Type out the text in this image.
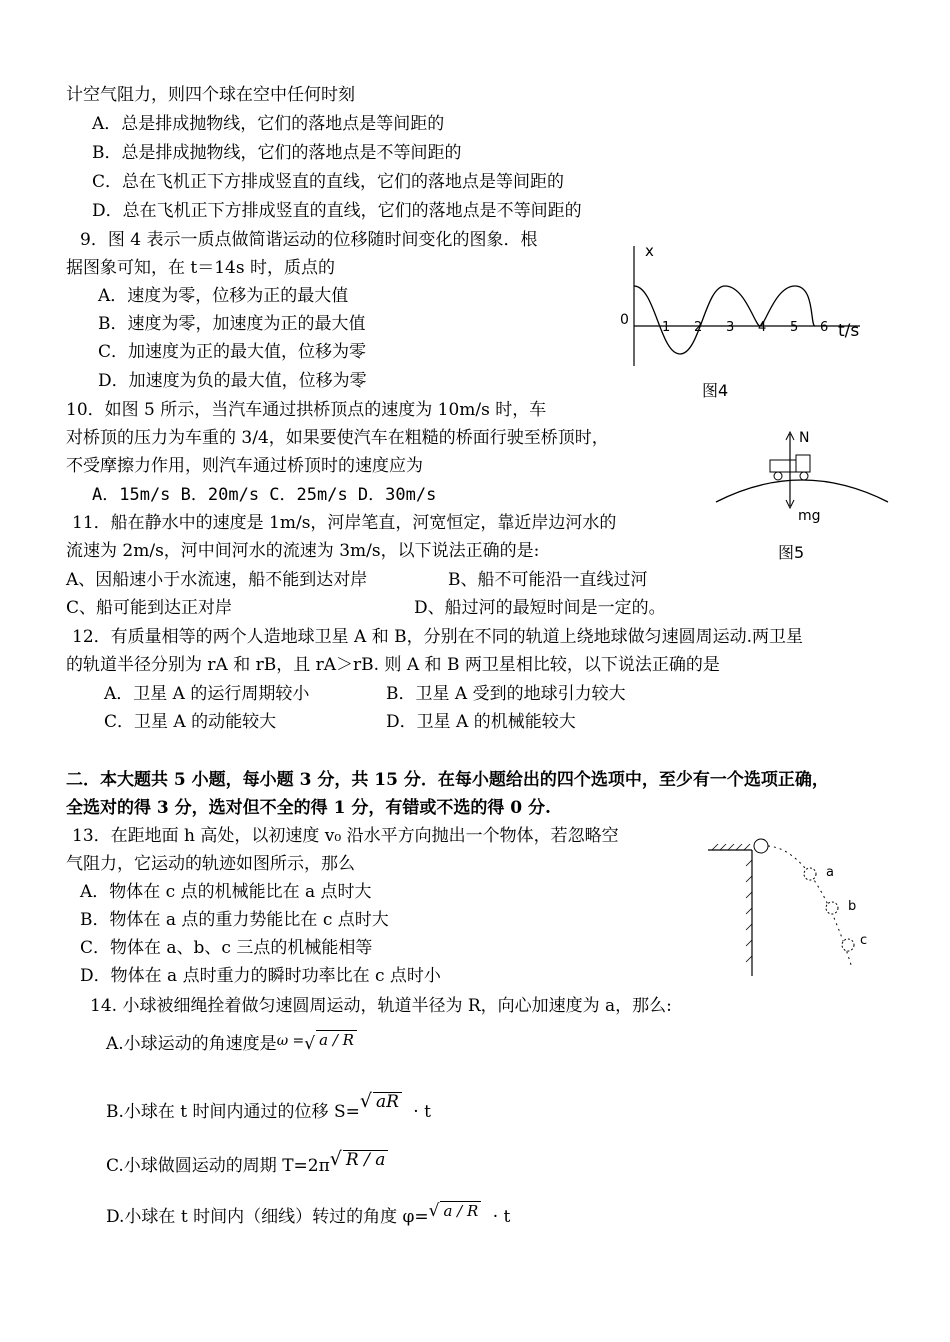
计空气阻力，则四个球在空中任何时刻
A．总是排成抛物线，它们的落地点是等间距的
B．总是排成抛物线，它们的落地点是不等间距的
C．总在飞机正下方排成竖直的直线，它们的落地点是等间距的
D．总在飞机正下方排成竖直的直线，它们的落地点是不等间距的
9．图 4 表示一质点做简谐运动的位移随时间变化的图象．根
据图象可知，在 t＝14s 时，质点的
A．速度为零，位移为正的最大值
B．速度为零，加速度为正的最大值
C．加速度为正的最大值，位移为零
D．加速度为负的最大值，位移为零
x
0
t/s
1 2 3 4 5 6
图4
10．如图 5 所示，当汽车通过拱桥顶点的速度为 10m/s 时，车
对桥顶的压力为车重的 3/4，如果要使汽车在粗糙的桥面行驶至桥顶时，
不受摩擦力作用，则汽车通过桥顶时的速度应为
A．15m/s B．20m/s C．25m/s D．30m/s
N
mg
图5
11．船在静水中的速度是 1m/s，河岸笔直，河宽恒定，靠近岸边河水的
流速为 2m/s，河中间河水的流速为 3m/s，以下说法正确的是:
A、因船速小于水流速，船不能到达对岸	B、船不可能沿一直线过河
C、船可能到达正对岸	D、船过河的最短时间是一定的。
12．有质量相等的两个人造地球卫星 A 和 B，分别在不同的轨道上绕地球做匀速圆周运动.两卫星
的轨道半径分别为 rA 和 rB，且 rA＞rB. 则 A 和 B 两卫星相比较，以下说法正确的是
A．卫星 A 的运行周期较小	B．卫星 A 受到的地球引力较大
C．卫星 A 的动能较大	D．卫星 A 的机械能较大
二．本大题共 5 小题，每小题 3 分，共 15 分．在每小题给出的四个选项中，至少有一个选项正确，
全选对的得 3 分，选对但不全的得 1 分，有错或不选的得 0 分.
13．在距地面 h 高处，以初速度 v₀ 沿水平方向抛出一个物体，若忽略空
气阻力，它运动的轨迹如图所示，那么
A．物体在 c 点的机械能比在 a 点时大
B．物体在 a 点的重力势能比在 c 点时大
C．物体在 a、b、c 三点的机械能相等
D．物体在 a 点时重力的瞬时功率比在 c 点时小
a
b
c
14. 小球被细绳拴着做匀速圆周运动，轨道半径为 R，向心加速度为 a，那么:
A.小球运动的角速度是$^{\omega =}$√ a / R
B.小球在 t 时间内通过的位移 S=√ aR · t
C.小球做圆运动的周期 T=2π√ R / a
D.小球在 t 时间内（细线）转过的角度 φ=√ a / R · t
